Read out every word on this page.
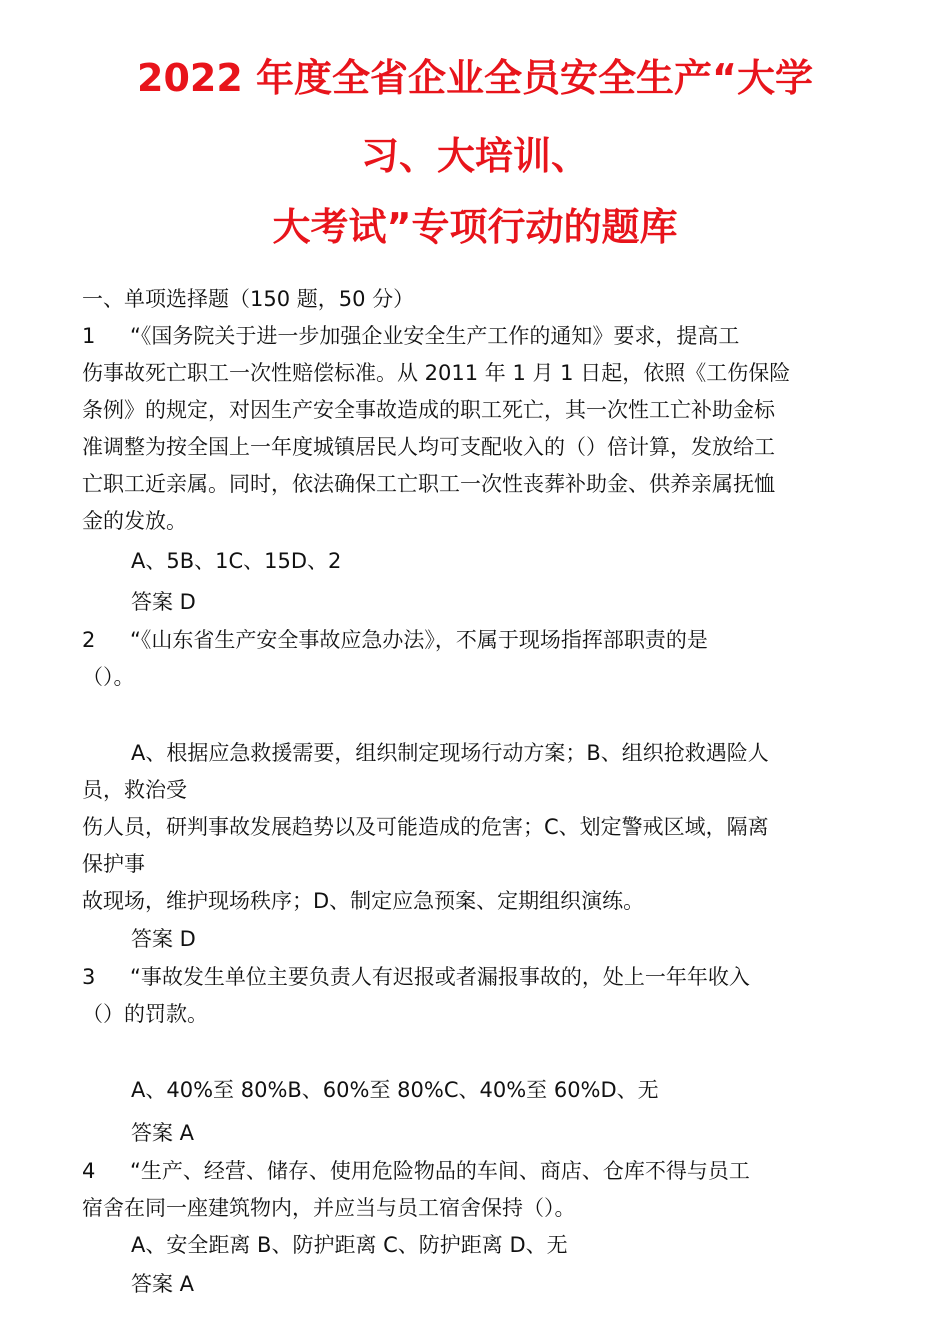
2022 年度全省企业全员安全生产“大学
习、大培训、
大考试”专项行动的题库
一、单项选择题（150 题，50 分）
1 “《国务院关于进一步加强企业安全生产工作的通知》要求，提高工
伤事故死亡职工一次性赔偿标准。从 2011 年 1 月 1 日起，依照《工伤保险
条例》的规定，对因生产安全事故造成的职工死亡，其一次性工亡补助金标
准调整为按全国上一年度城镇居民人均可支配收入的（）倍计算，发放给工
亡职工近亲属。同时，依法确保工亡职工一次性丧葬补助金、供养亲属抚恤
金的发放。
A、5B、1C、15D、2
答案 D
2 “《山东省生产安全事故应急办法》，不属于现场指挥部职责的是
（）。
A、根据应急救援需要，组织制定现场行动方案；B、组织抢救遇险人
员，救治受
伤人员，研判事故发展趋势以及可能造成的危害；C、划定警戒区域，隔离
保护事
故现场，维护现场秩序；D、制定应急预案、定期组织演练。
答案 D
3 “事故发生单位主要负责人有迟报或者漏报事故的，处上一年年收入
（）的罚款。
A、40%至 80%B、60%至 80%C、40%至 60%D、无
答案 A
4 “生产、经营、储存、使用危险物品的车间、商店、仓库不得与员工
宿舍在同一座建筑物内，并应当与员工宿舍保持（）。
A、安全距离 B、防护距离 C、防护距离 D、无
答案 A
